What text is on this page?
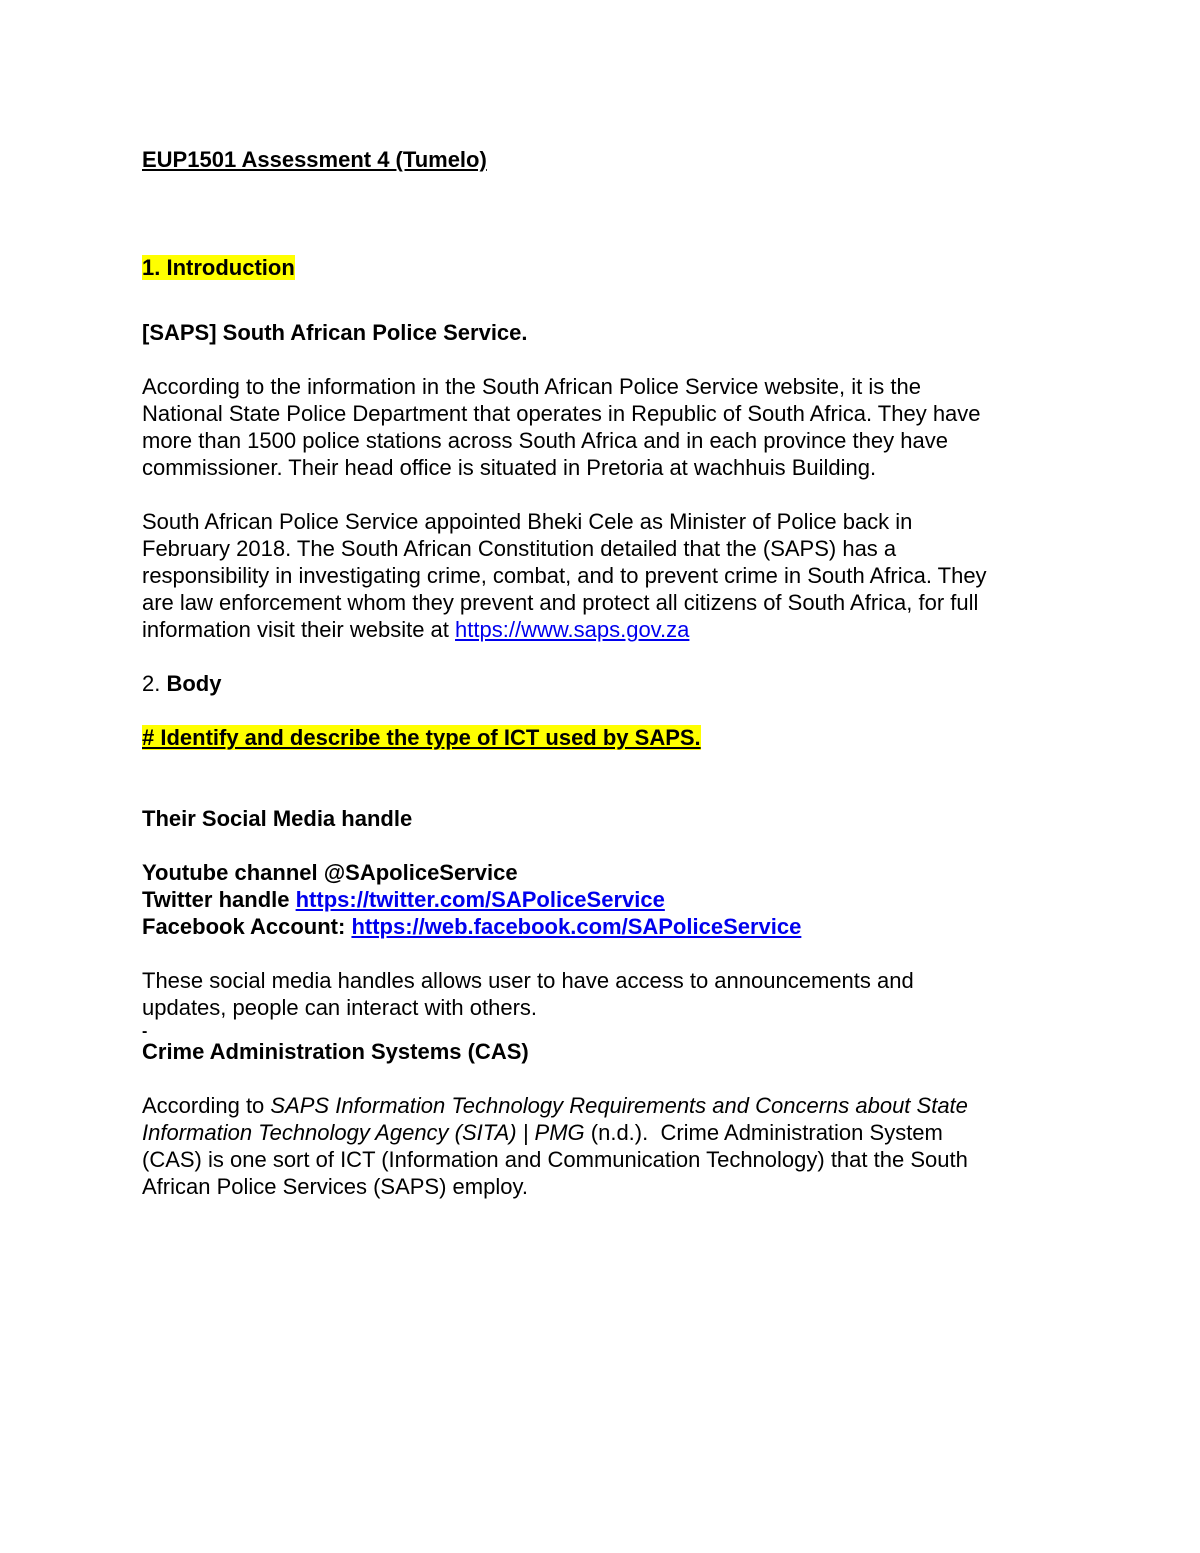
EUP1501 Assessment 4 (Tumelo)

1. Introduction

[SAPS] South African Police Service.

According to the information in the South African Police Service website, it is the

National State Police Department that operates in Republic of South Africa. They have

more than 1500 police stations across South Africa and in each province they have

commissioner. Their head office is situated in Pretoria at wachhuis Building.

South African Police Service appointed Bheki Cele as Minister of Police back in

February 2018. The South African Constitution detailed that the (SAPS) has a

responsibility in investigating crime, combat, and to prevent crime in South Africa. They

are law enforcement whom they prevent and protect all citizens of South Africa, for full

information visit their website at https://www.saps.gov.za

2. Body

# Identify and describe the type of ICT used by SAPS.

Their Social Media handle

Youtube channel @SApoliceService

Twitter handle https://twitter.com/SAPoliceService

Facebook Account: https://web.facebook.com/SAPoliceService

These social media handles allows user to have access to announcements and

updates, people can interact with others.

-

Crime Administration Systems (CAS)

According to SAPS Information Technology Requirements and Concerns about State

Information Technology Agency (SITA) | PMG (n.d.).  Crime Administration System

(CAS) is one sort of ICT (Information and Communication Technology) that the South

African Police Services (SAPS) employ.
